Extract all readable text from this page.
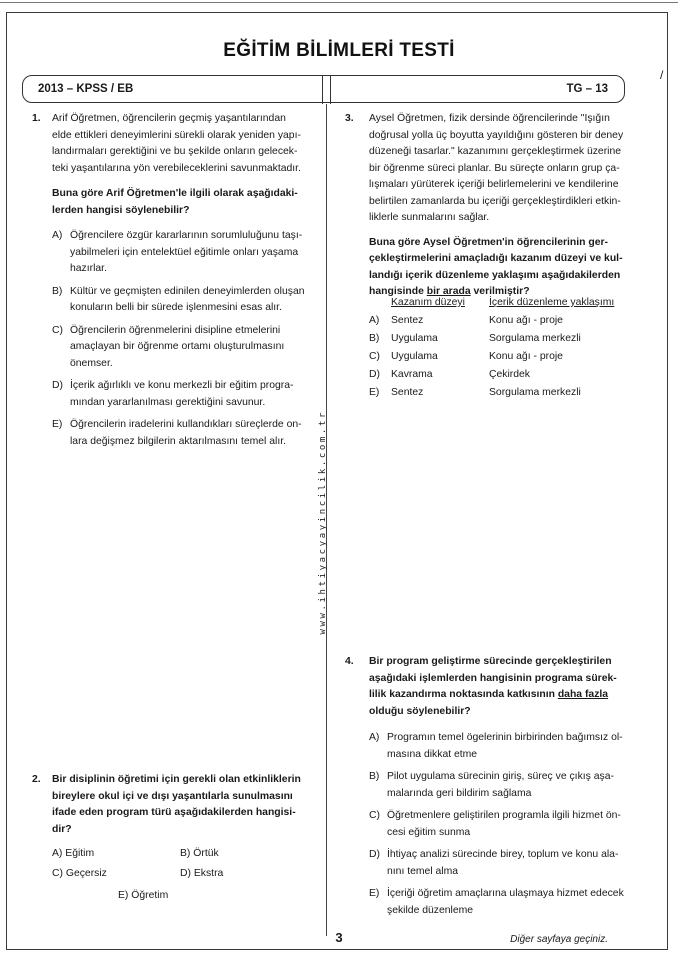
/
EĞİTİM BİLİMLERİ TESTİ
2013 – KPSS / EB	TG – 13
www.ihtiyacyayincilik.com.tr
1. Arif Öğretmen, öğrencilerin geçmiş yaşantılarından
elde ettikleri deneyimlerini sürekli olarak yeniden yapı-
landırmaları gerektiğini ve bu şekilde onların gelecek-
teki yaşantılarına yön verebileceklerini savunmaktadır.
Buna göre Arif Öğretmen'le ilgili olarak aşağıdaki-
lerden hangisi söylenebilir?
A) Öğrencilere özgür kararlarının sorumluluğunu taşı-
yabilmeleri için entelektüel eğitimle onları yaşama
hazırlar.
B) Kültür ve geçmişten edinilen deneyimlerden oluşan
konuların belli bir sürede işlenmesini esas alır.
C) Öğrencilerin öğrenmelerini disipline etmelerini
amaçlayan bir öğrenme ortamı oluşturulmasını
önemser.
D) İçerik ağırlıklı ve konu merkezli bir eğitim progra-
mından yararlanılması gerektiğini savunur.
E) Öğrencilerin iradelerini kullandıkları süreçlerde on-
lara değişmez bilgilerin aktarılmasını temel alır.
2. Bir disiplinin öğretimi için gerekli olan etkinliklerin
bireylere okul içi ve dışı yaşantılarla sunulmasını
ifade eden program türü aşağıdakilerden hangisi-
dir?
A) Eğitim	B) Örtük
C) Geçersiz	D) Ekstra
E) Öğretim
3. Aysel Öğretmen, fizik dersinde öğrencilerinde "Işığın
doğrusal yolla üç boyutta yayıldığını gösteren bir deney
düzeneği tasarlar." kazanımını gerçekleştirmek üzerine
bir öğrenme süreci planlar. Bu süreçte onların grup ça-
lışmaları yürüterek içeriği belirlemelerini ve kendilerine
belirtilen zamanlarda bu içeriği gerçekleştirdikleri etkin-
liklerle sunmalarını sağlar.
Buna göre Aysel Öğretmen'in öğrencilerinin ger-
çekleştirmelerini amaçladığı kazanım düzeyi ve kul-
landığı içerik düzenleme yaklaşımı aşağıdakilerden
hangisinde bir arada verilmiştir?
	Kazanım düzeyi	İçerik düzenleme yaklaşımı
A)	Sentez	Konu ağı - proje
B)	Uygulama	Sorgulama merkezli
C)	Uygulama	Konu ağı - proje
D)	Kavrama	Çekirdek
E)	Sentez	Sorgulama merkezli
4. Bir program geliştirme sürecinde gerçekleştirilen
aşağıdaki işlemlerden hangisinin programa sürek-
lilik kazandırma noktasında katkısının daha fazla
olduğu söylenebilir?
A) Programın temel ögelerinin birbirinden bağımsız ol-
masına dikkat etme
B) Pilot uygulama sürecinin giriş, süreç ve çıkış aşa-
malarında geri bildirim sağlama
C) Öğretmenlere geliştirilen programla ilgili hizmet ön-
cesi eğitim sunma
D) İhtiyaç analizi sürecinde birey, toplum ve konu ala-
nını temel alma
E) İçeriği öğretim amaçlarına ulaşmaya hizmet edecek
şekilde düzenleme
3	Diğer sayfaya geçiniz.
